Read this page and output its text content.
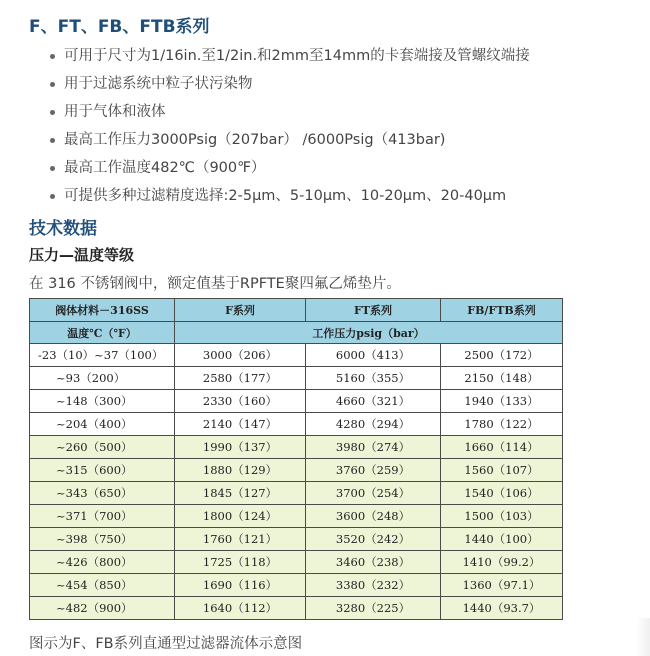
F、FT、FB、FTB系列
可用于尺寸为1/16in.至1/2in.和2mm至14mm的卡套端接及管螺纹端接
用于过滤系统中粒子状污染物
用于气体和液体
最高工作压力3000Psig（207bar） /6000Psig（413bar)
最高工作温度482℃（900℉）
可提供多种过滤精度选择:2-5μm、5-10μm、10-20μm、20-40μm
技术数据
压力—温度等级

在 316 不锈钢阀中，额定值基于RPFTE聚四氟乙烯垫片。

阀体材料－316SS	F系列	FT系列	FB/FTB系列
温度℃（℉）	工作压力psig（bar）		
-23（10）~37（100）	3000（206）	6000（413）	2500（172）
~93（200）	2580（177）	5160（355）	2150（148）
~148（300）	2330（160）	4660（321）	1940（133）
~204（400）	2140（147）	4280（294）	1780（122）
~260（500）	1990（137）	3980（274）	1660（114）
~315（600）	1880（129）	3760（259）	1560（107）
~343（650）	1845（127）	3700（254）	1540（106）
~371（700）	1800（124）	3600（248）	1500（103）
~398（750）	1760（121）	3520（242）	1440（100）
~426（800）	1725（118）	3460（238）	1410（99.2）
~454（850）	1690（116）	3380（232）	1360（97.1）
~482（900）	1640（112）	3280（225）	1440（93.7）

图示为F、FB系列直通型过滤器流体示意图
